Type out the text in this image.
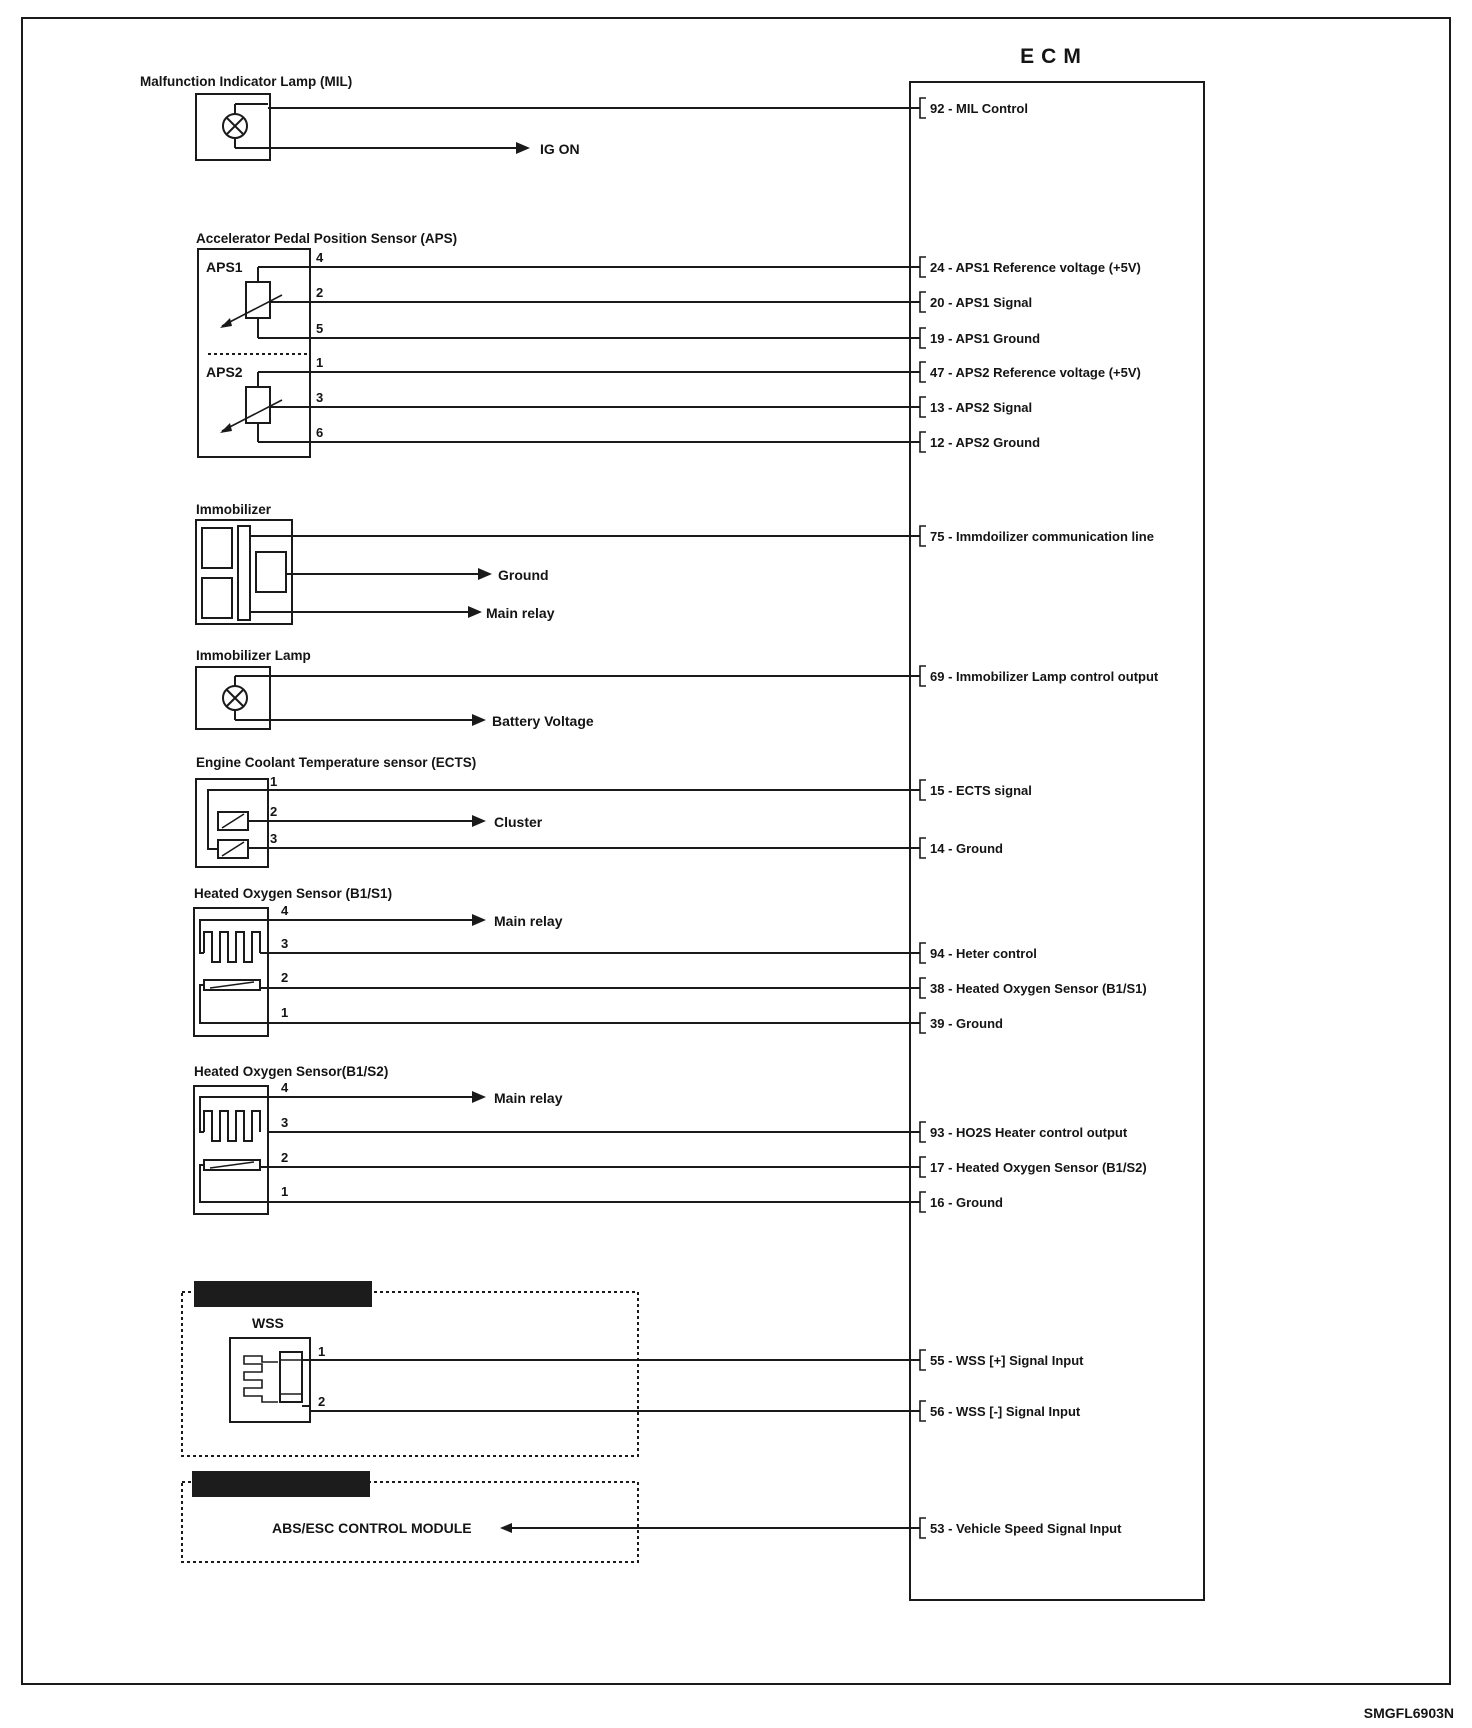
ECM
92 - MIL Control
24 - APS1 Reference voltage (+5V)
20 - APS1 Signal
19 - APS1 Ground
47 - APS2 Reference voltage (+5V)
13 - APS2 Signal
12 - APS2 Ground
75 - Immdoilizer communication line
69 - Immobilizer Lamp control output
15 - ECTS signal
14 - Ground
94 - Heter control
38 - Heated Oxygen Sensor (B1/S1)
39 - Ground
93 - HO2S Heater control output
17 - Heated Oxygen Sensor (B1/S2)
16 - Ground
55 - WSS [+] Signal Input
56 - WSS [-] Signal Input
53 - Vehicle Speed Signal Input
Malfunction Indicator Lamp (MIL)
IG ON
Accelerator Pedal Position Sensor (APS)
APS1
APS2
4
2
5
1
3
6
Immobilizer
Ground
Main relay
Immobilizer Lamp
Battery Voltage
Engine Coolant Temperature sensor (ECTS)
Cluster
1
2
3
Heated Oxygen Sensor (B1/S1)
Main relay
4
3
2
1
Heated Oxygen Sensor(B1/S2)
Main relay
4
3
2
1
WSS
1
2
ABS/ESC CONTROL MODULE
SMGFL6903N
